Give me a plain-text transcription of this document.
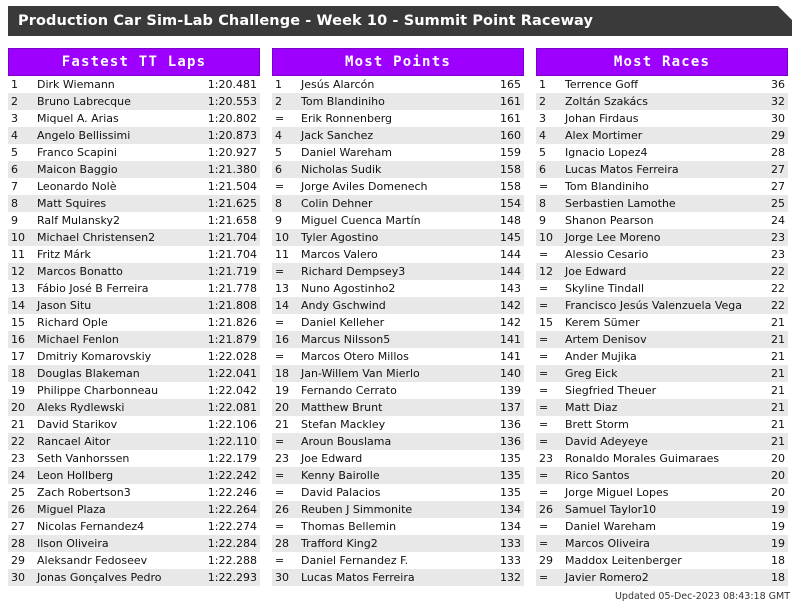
Production Car Sim-Lab Challenge - Week 10 - Summit Point Raceway
Fastest TT Laps
1	Dirk Wiemann	1:20.481
2	Bruno Labrecque	1:20.553
3	Miquel A. Arias	1:20.802
4	Angelo Bellissimi	1:20.873
5	Franco Scapini	1:20.927
6	Maicon Baggio	1:21.380
7	Leonardo Nolè	1:21.504
8	Matt Squires	1:21.625
9	Ralf Mulansky2	1:21.658
10	Michael Christensen2	1:21.704
11	Fritz Márk	1:21.704
12	Marcos Bonatto	1:21.719
13	Fábio José B Ferreira	1:21.778
14	Jason Situ	1:21.808
15	Richard Ople	1:21.826
16	Michael Fenlon	1:21.879
17	Dmitriy Komarovskiy	1:22.028
18	Douglas Blakeman	1:22.041
19	Philippe Charbonneau	1:22.042
20	Aleks Rydlewski	1:22.081
21	David Starikov	1:22.106
22	Rancael Aitor	1:22.110
23	Seth Vanhorssen	1:22.179
24	Leon Hollberg	1:22.242
25	Zach Robertson3	1:22.246
26	Miguel Plaza	1:22.264
27	Nicolas Fernandez4	1:22.274
28	Ilson Oliveira	1:22.284
29	Aleksandr Fedoseev	1:22.288
30	Jonas Gonçalves Pedro	1:22.293
Most Points
1	Jesús Alarcón	165
2	Tom Blandiniho	161
=	Erik Ronnenberg	161
4	Jack Sanchez	160
5	Daniel Wareham	159
6	Nicholas Sudik	158
=	Jorge Aviles Domenech	158
8	Colin Dehner	154
9	Miguel Cuenca Martín	148
10	Tyler Agostino	145
11	Marcos Valero	144
=	Richard Dempsey3	144
13	Nuno Agostinho2	143
14	Andy Gschwind	142
=	Daniel Kelleher	142
16	Marcus Nilsson5	141
=	Marcos Otero Millos	141
18	Jan-Willem Van Mierlo	140
19	Fernando Cerrato	139
20	Matthew Brunt	137
21	Stefan Mackley	136
=	Aroun Bouslama	136
23	Joe Edward	135
=	Kenny Bairolle	135
=	David Palacios	135
26	Reuben J Simmonite	134
=	Thomas Bellemin	134
28	Trafford King2	133
=	Daniel Fernandez F.	133
30	Lucas Matos Ferreira	132
Most Races
1	Terrence Goff	36
2	Zoltán Szakács	32
3	Johan Firdaus	30
4	Alex Mortimer	29
5	Ignacio Lopez4	28
6	Lucas Matos Ferreira	27
=	Tom Blandiniho	27
8	Serbastien Lamothe	25
9	Shanon Pearson	24
10	Jorge Lee Moreno	23
=	Alessio Cesario	23
12	Joe Edward	22
=	Skyline Tindall	22
=	Francisco Jesús Valenzuela Vega	22
15	Kerem Sümer	21
=	Artem Denisov	21
=	Ander Mujika	21
=	Greg Eick	21
=	Siegfried Theuer	21
=	Matt Diaz	21
=	Brett Storm	21
=	David Adeyeye	21
23	Ronaldo Morales Guimaraes	20
=	Rico Santos	20
=	Jorge Miguel Lopes	20
26	Samuel Taylor10	19
=	Daniel Wareham	19
=	Marcos Oliveira	19
29	Maddox Leitenberger	18
=	Javier Romero2	18
Updated 05-Dec-2023 08:43:18 GMT
